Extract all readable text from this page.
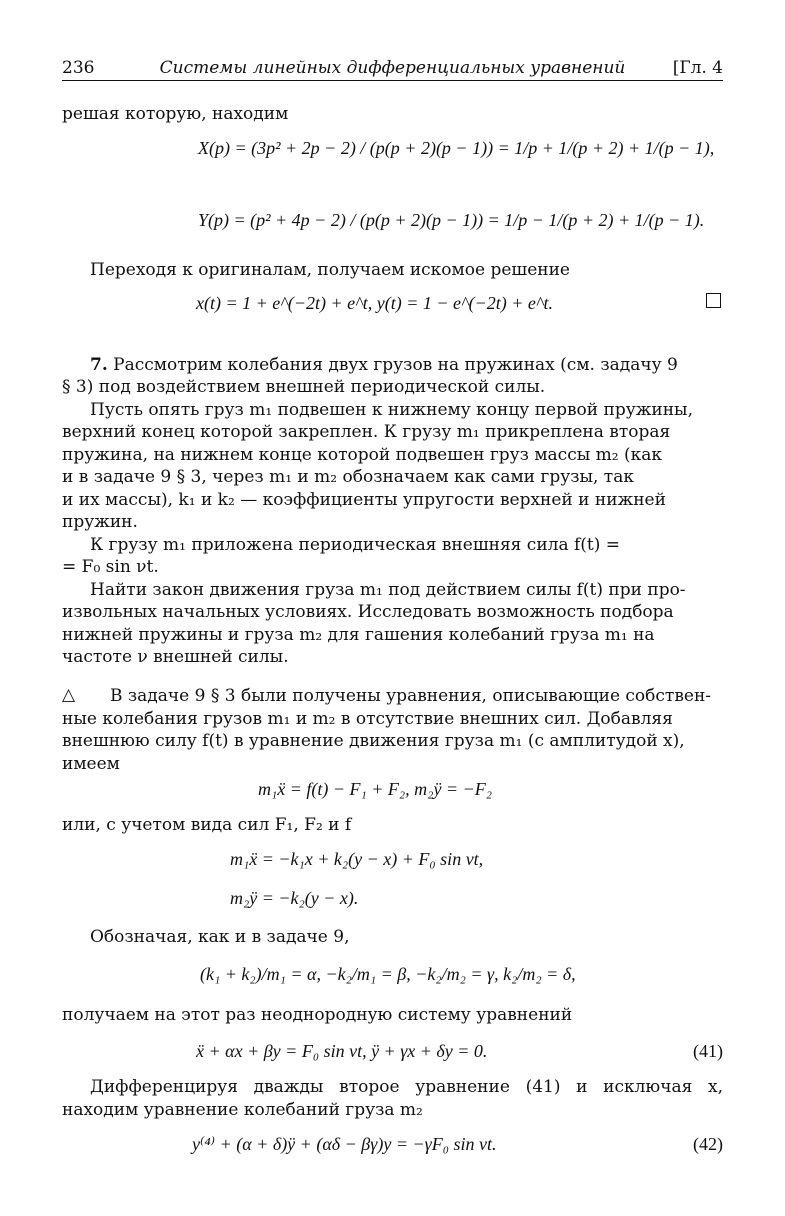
236	Системы линейных дифференциальных уравнений	[Гл. 4
решая которую, находим
X(p) = (3p² + 2p − 2) / (p(p + 2)(p − 1)) = 1/p + 1/(p + 2) + 1/(p − 1),
Y(p) = (p² + 4p − 2) / (p(p + 2)(p − 1)) = 1/p − 1/(p + 2) + 1/(p − 1).
Переходя к оригиналам, получаем искомое решение
x(t) = 1 + e^(−2t) + e^t, y(t) = 1 − e^(−2t) + e^t.
7. Рассмотрим колебания двух грузов на пружинах (см. задачу 9
§ 3) под воздействием внешней периодической силы.
Пусть опять груз m₁ подвешен к нижнему концу первой пружины,
верхний конец которой закреплен. К грузу m₁ прикреплена вторая
пружина, на нижнем конце которой подвешен груз массы m₂ (как
и в задаче 9 § 3, через m₁ и m₂ обозначаем как сами грузы, так
и их массы), k₁ и k₂ — коэффициенты упругости верхней и нижней
пружин.
К грузу m₁ приложена периодическая внешняя сила f(t) =
= F₀ sin νt.
Найти закон движения груза m₁ под действием силы f(t) при про-
извольных начальных условиях. Исследовать возможность подбора
нижней пружины и груза m₂ для гашения колебаний груза m₁ на
частоте ν внешней силы.
△ В задаче 9 § 3 были получены уравнения, описывающие собствен-
ные колебания грузов m₁ и m₂ в отсутствие внешних сил. Добавляя
внешнюю силу f(t) в уравнение движения груза m₁ (с амплитудой x),
имеем
m₁ẍ = f(t) − F₁ + F₂, m₂ÿ = −F₂
или, с учетом вида сил F₁, F₂ и f
m₁ẍ = −k₁x + k₂(y − x) + F₀ sin νt,
m₂ÿ = −k₂(y − x).
Обозначая, как и в задаче 9,
(k₁ + k₂)/m₁ = α, −k₂/m₁ = β, −k₂/m₂ = γ, k₂/m₂ = δ,
получаем на этот раз неоднородную систему уравнений
ẍ + αx + βy = F₀ sin νt, ÿ + γx + δy = 0.	(41)
Дифференцируя дважды второе уравнение (41) и исключая x,
находим уравнение колебаний груза m₂
y⁽⁴⁾ + (α + δ)ÿ + (αδ − βγ)y = −γF₀ sin νt.	(42)
